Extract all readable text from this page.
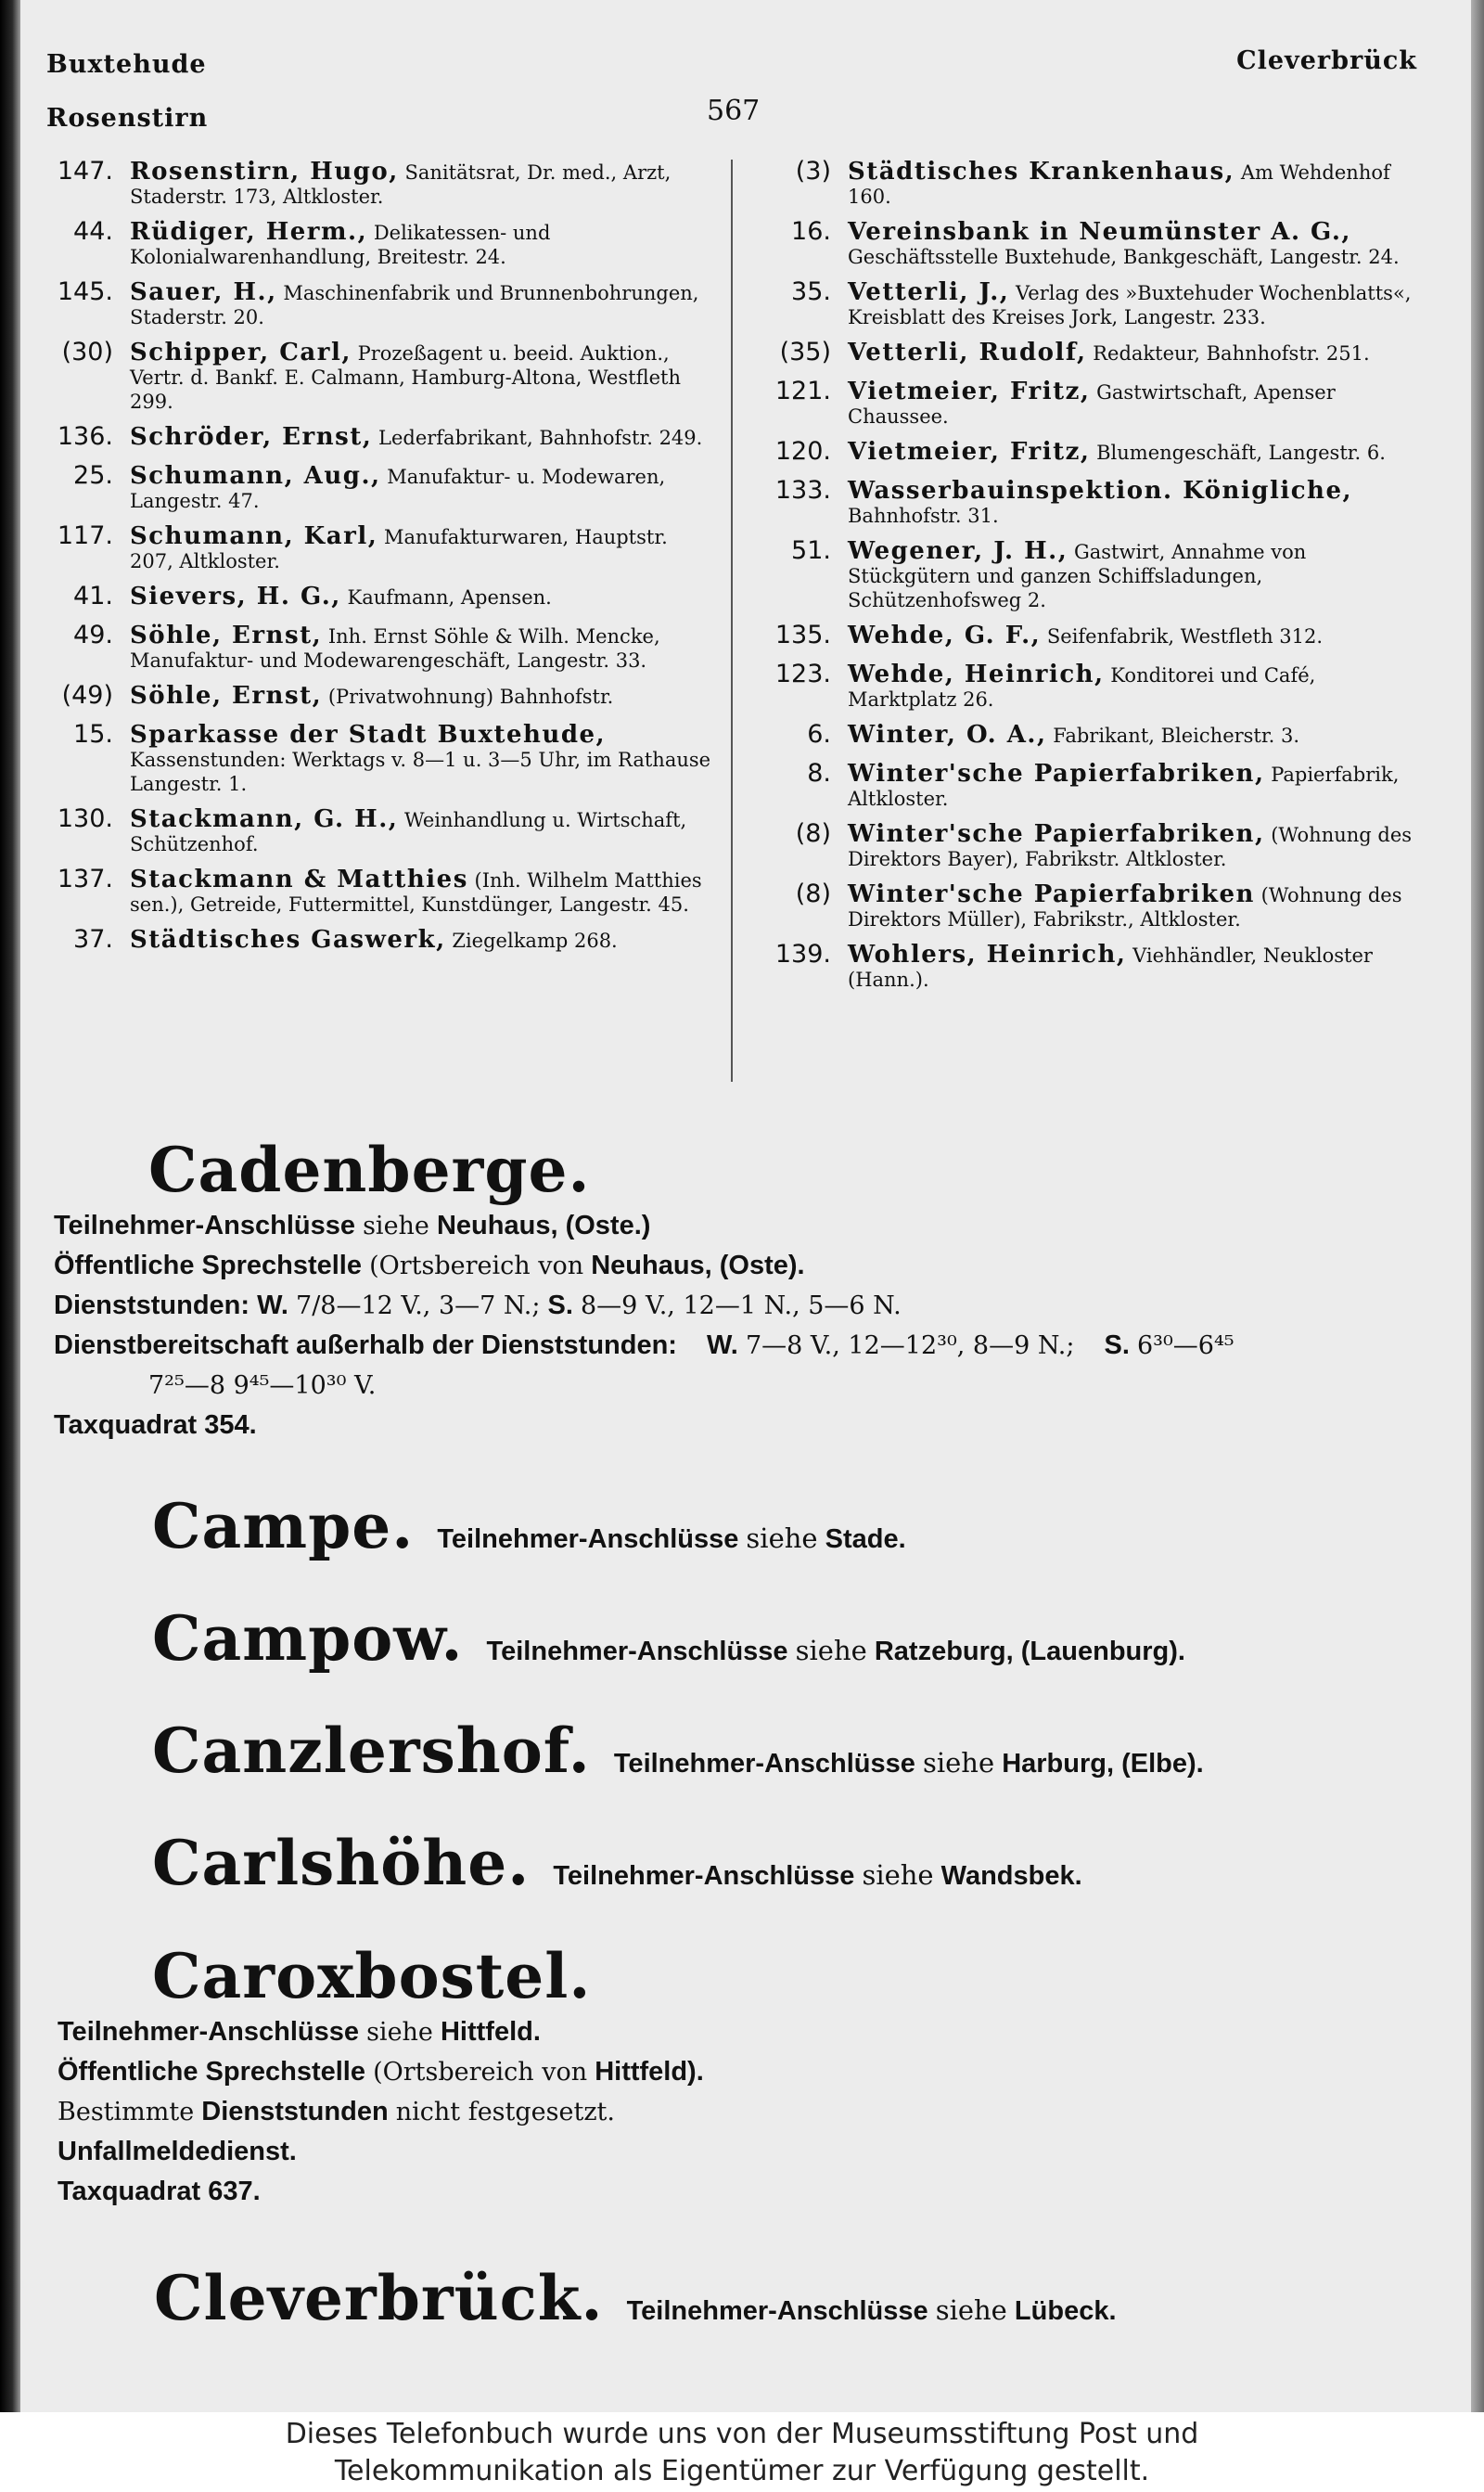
Buxtehude
Rosenstirn
Cleverbrück
567
147. Rosenstirn, Hugo, Sanitätsrat, Dr. med., Arzt, Staderstr. 173, Altkloster.
44. Rüdiger, Herm., Delikatessen- und Kolonialwarenhandlung, Breitestr. 24.
145. Sauer, H., Maschinenfabrik und Brunnenbohrungen, Staderstr. 20.
(30) Schipper, Carl, Prozeßagent u. beeid. Auktion., Vertr. d. Bankf. E. Calmann, Hamburg-Altona, Westfleth 299.
136. Schröder, Ernst, Lederfabrikant, Bahnhofstr. 249.
25. Schumann, Aug., Manufaktur- u. Modewaren, Langestr. 47.
117. Schumann, Karl, Manufakturwaren, Hauptstr. 207, Altkloster.
41. Sievers, H. G., Kaufmann, Apensen.
49. Söhle, Ernst, Inh. Ernst Söhle & Wilh. Mencke, Manufaktur- und Modewarengeschäft, Langestr. 33.
(49) Söhle, Ernst, (Privatwohnung) Bahnhofstr.
15. Sparkasse der Stadt Buxtehude, Kassenstunden: Werktags v. 8—1 u. 3—5 Uhr, im Rathause Langestr. 1.
130. Stackmann, G. H., Weinhandlung u. Wirtschaft, Schützenhof.
137. Stackmann & Matthies (Inh. Wilhelm Matthies sen.), Getreide, Futtermittel, Kunstdünger, Langestr. 45.
37. Städtisches Gaswerk, Ziegelkamp 268.
(3) Städtisches Krankenhaus, Am Wehdenhof 160.
16. Vereinsbank in Neumünster A. G., Geschäftsstelle Buxtehude, Bankgeschäft, Langestr. 24.
35. Vetterli, J., Verlag des »Buxtehuder Wochenblatts«, Kreisblatt des Kreises Jork, Langestr. 233.
(35) Vetterli, Rudolf, Redakteur, Bahnhofstr. 251.
121. Vietmeier, Fritz, Gastwirtschaft, Apenser Chaussee.
120. Vietmeier, Fritz, Blumengeschäft, Langestr. 6.
133. Wasserbauinspektion. Königliche, Bahnhofstr. 31.
51. Wegener, J. H., Gastwirt, Annahme von Stückgütern und ganzen Schiffsladungen, Schützenhofsweg 2.
135. Wehde, G. F., Seifenfabrik, Westfleth 312.
123. Wehde, Heinrich, Konditorei und Café, Marktplatz 26.
6. Winter, O. A., Fabrikant, Bleicherstr. 3.
8. Winter'sche Papierfabriken, Papierfabrik, Altkloster.
(8) Winter'sche Papierfabriken, (Wohnung des Direktors Bayer), Fabrikstr. Altkloster.
(8) Winter'sche Papierfabriken (Wohnung des Direktors Müller), Fabrikstr., Altkloster.
139. Wohlers, Heinrich, Viehhändler, Neukloster (Hann.).
Cadenberge.
Teilnehmer-Anschlüsse siehe Neuhaus, (Oste.)
Öffentliche Sprechstelle (Ortsbereich von Neuhaus, (Oste).
Dienststunden: W. 7/8—12 V., 3—7 N.; S. 8—9 V., 12—1 N., 5—6 N.
Dienstbereitschaft außerhalb der Dienststunden: W. 7—8 V., 12—12³⁰, 8—9 N.; S. 6³⁰—6⁴⁵
7²⁵—8 9⁴⁵—10³⁰ V.
Taxquadrat 354.
Campe. Teilnehmer-Anschlüsse siehe Stade.
Campow. Teilnehmer-Anschlüsse siehe Ratzeburg, (Lauenburg).
Canzlershof. Teilnehmer-Anschlüsse siehe Harburg, (Elbe).
Carlshöhe. Teilnehmer-Anschlüsse siehe Wandsbek.
Caroxbostel.
Teilnehmer-Anschlüsse siehe Hittfeld.
Öffentliche Sprechstelle (Ortsbereich von Hittfeld).
Bestimmte Dienststunden nicht festgesetzt.
Unfallmeldedienst.
Taxquadrat 637.
Cleverbrück. Teilnehmer-Anschlüsse siehe Lübeck.
Dieses Telefonbuch wurde uns von der Museumsstiftung Post und
Telekommunikation als Eigentümer zur Verfügung gestellt.
